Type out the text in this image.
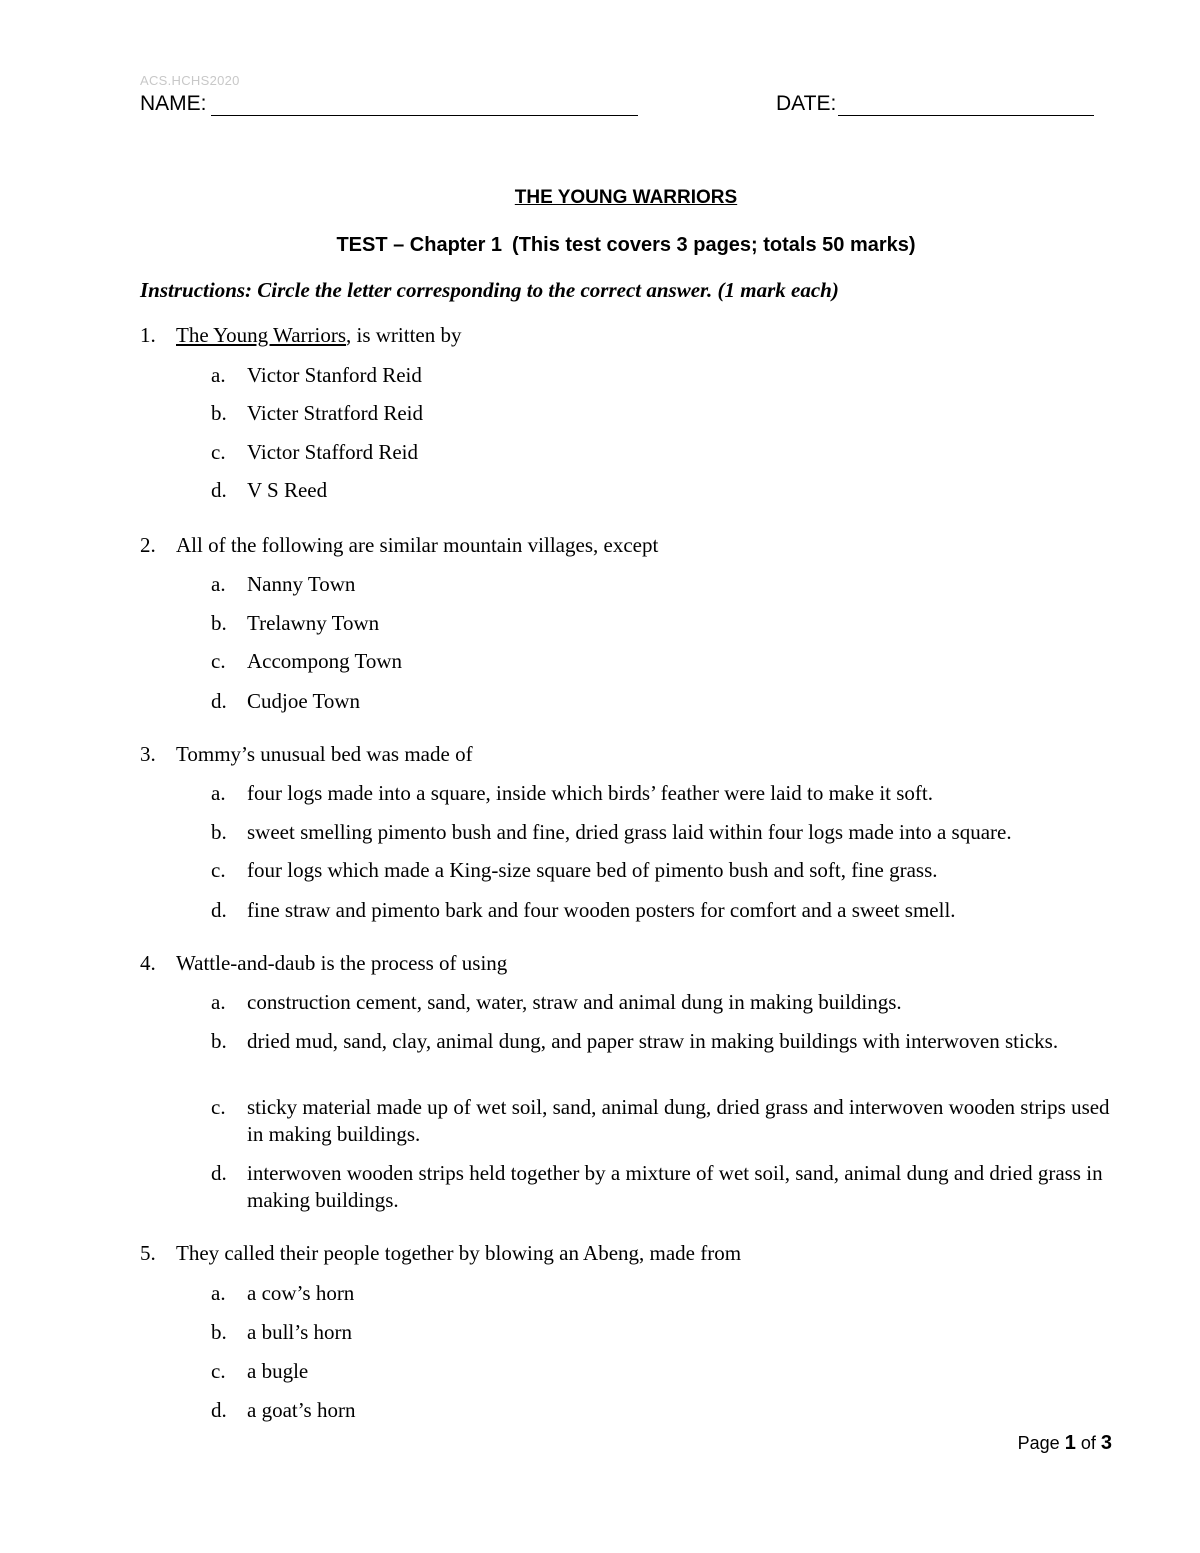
ACS.HCHS2020
NAME:	DATE:
THE YOUNG WARRIORS
TEST – Chapter 1 (This test covers 3 pages; totals 50 marks)
Instructions: Circle the letter corresponding to the correct answer. (1 mark each)
1. The Young Warriors, is written by
a.	Victor Stanford Reid
b. Victer Stratford Reid
c.	Victor Stafford Reid
d. V S Reed
2. All of the following are similar mountain villages, except
a.	Nanny Town
b. Trelawny Town
c.	Accompong Town
d. Cudjoe Town
3. Tommy’s unusual bed was made of
a.	four logs made into a square, inside which birds’ feather were laid to make it soft.
b. sweet smelling pimento bush and fine, dried grass laid within four logs made into a square.
c.	four logs which made a King-size square bed of pimento bush and soft, fine grass.
d. fine straw and pimento bark and four wooden posters for comfort and a sweet smell.
4. Wattle-and-daub is the process of using
a.	construction cement, sand, water, straw and animal dung in making buildings.
b. dried mud, sand, clay, animal dung, and paper straw in making buildings with interwoven sticks.
c.	sticky material made up of wet soil, sand, animal dung, dried grass and interwoven wooden strips used in making buildings.
d. interwoven wooden strips held together by a mixture of wet soil, sand, animal dung and dried grass in making buildings.
5. They called their people together by blowing an Abeng, made from
a.	a cow’s horn
b. a bull’s horn
c.	a bugle
d. a goat’s horn
Page 1 of 3
